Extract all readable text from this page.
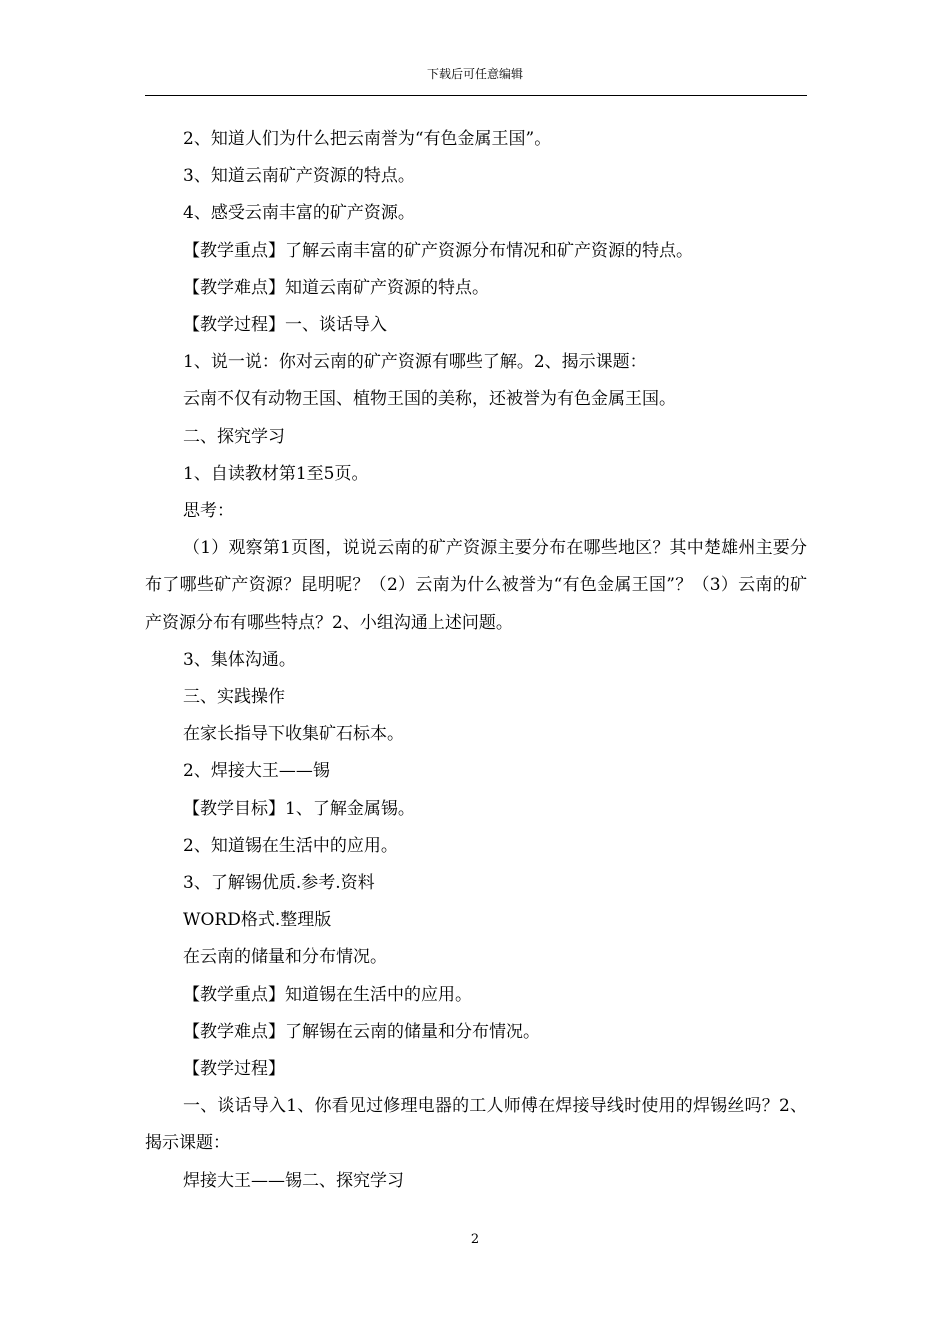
下载后可任意编辑

2、知道人们为什么把云南誉为“有色金属王国”。

3、知道云南矿产资源的特点。

4、感受云南丰富的矿产资源。

【教学重点】了解云南丰富的矿产资源分布情况和矿产资源的特点。

【教学难点】知道云南矿产资源的特点。

【教学过程】一、谈话导入

1、说一说：你对云南的矿产资源有哪些了解。2、揭示课题：

云南不仅有动物王国、植物王国的美称，还被誉为有色金属王国。

二、探究学习

1、自读教材第1至5页。

思考：

（1）观察第1页图，说说云南的矿产资源主要分布在哪些地区？其中楚雄州主要分布了哪些矿产资源？昆明呢？（2）云南为什么被誉为“有色金属王国”？（3）云南的矿产资源分布有哪些特点？2、小组沟通上述问题。

3、集体沟通。

三、实践操作

在家长指导下收集矿石标本。

2、焊接大王——锡

【教学目标】1、了解金属锡。

2、知道锡在生活中的应用。

3、了解锡优质.参考.资料

WORD格式.整理版

在云南的储量和分布情况。

【教学重点】知道锡在生活中的应用。

【教学难点】了解锡在云南的储量和分布情况。

【教学过程】

一、谈话导入1、你看见过修理电器的工人师傅在焊接导线时使用的焊锡丝吗？2、揭示课题：

焊接大王——锡二、探究学习

2
